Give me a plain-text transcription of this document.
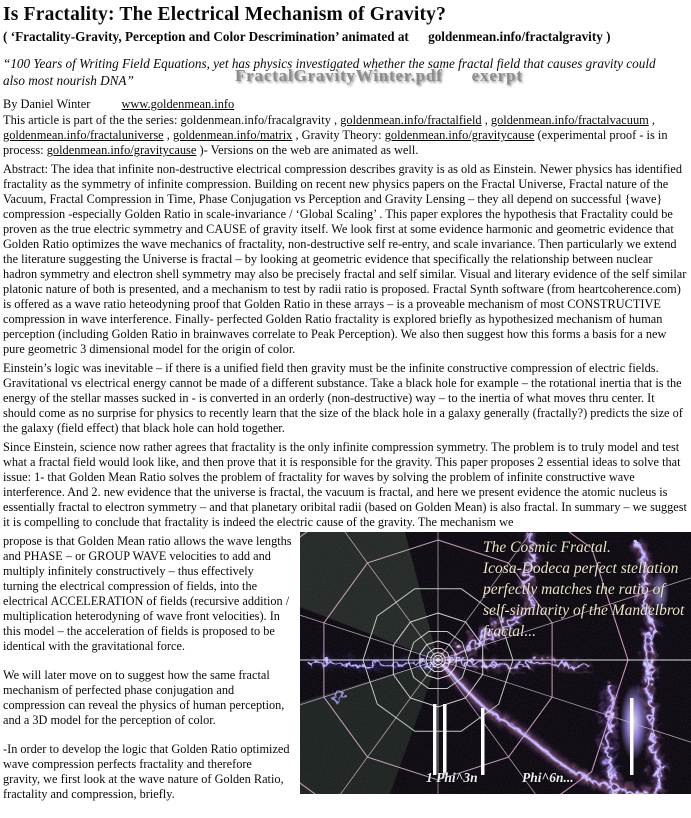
Is Fractality: The Electrical Mechanism of Gravity?
( ‘Fractality-Gravity, Perception and Color Descrimination’ animated at goldenmean.info/fractalgravity )
“100 Years of Writing Field Equations, yet has physics investigated whether the same fractal field that causes gravity could also most nourish DNA”	FractalGravityWinter.pdf exerpt
By Daniel Winter	www.goldenmean.info
This article is part of the the series: goldenmean.info/fracalgravity , goldenmean.info/fractalfield , goldenmean.info/fractalvacuum , goldenmean.info/fractaluniverse , goldenmean.info/matrix , Gravity Theory: goldenmean.info/gravitycause (experimental proof - is in process: goldenmean.info/gravitycause )- Versions on the web are animated as well.

Abstract: The idea that infinite non-destructive electrical compression describes gravity is as old as Einstein. Newer physics has identified fractality as the symmetry of infinite compression. Building on recent new physics papers on the Fractal Universe, Fractal nature of the Vacuum, Fractal Compression in Time, Phase Conjugation vs Perception and Gravity Lensing – they all depend on successful {wave} compression -especially Golden Ratio in scale-invariance / ‘Global Scaling’ . This paper explores the hypothesis that Fractality could be proven as the true electric symmetry and CAUSE of gravity itself. We look first at some evidence harmonic and geometric evidence that Golden Ratio optimizes the wave mechanics of fractality, non-destructive self re-entry, and scale invariance. Then particularly we extend the literature suggesting the Universe is fractal – by looking at geometric evidence that specifically the relationship between nuclear hadron symmetry and electron shell symmetry may also be precisely fractal and self similar. Visual and literary evidence of the self similar platonic nature of both is presented, and a mechanism to test by radii ratio is proposed. Fractal Synth software (from heartcoherence.com) is offered as a wave ratio heteodyning proof that Golden Ratio in these arrays – is a proveable mechanism of most CONSTRUCTIVE compression in wave interference. Finally- perfected Golden Ratio fractality is explored briefly as hypothesized mechanism of human perception (including Golden Ratio in brainwaves correlate to Peak Perception). We also then suggest how this forms a basis for a new pure geometric 3 dimensional model for the origin of color.

Einstein’s logic was inevitable – if there is a unified field then gravity must be the infinite constructive compression of electric fields. Gravitational vs electrical energy cannot be made of a different substance. Take a black hole for example – the rotational inertia that is the energy of the stellar masses sucked in - is converted in an orderly (non-destructive) way – to the inertia of what moves thru center. It should come as no surprise for physics to recently learn that the size of the black hole in a galaxy generally (fractally?) predicts the size of the galaxy (field effect) that black hole can hold together.

Since Einstein, science now rather agrees that fractality is the only infinite compression symmetry. The problem is to truly model and test what a fractal field would look like, and then prove that it is responsible for the gravity. This paper proposes 2 essential ideas to solve that issue: 1- that Golden Mean Ratio solves the problem of fractality for waves by solving the problem of infinite constructive wave interference. And 2. new evidence that the universe is fractal, the vacuum is fractal, and here we present evidence the atomic nucleus is essentially fractal to electron symmetry – and that planetary oribital radii (based on Golden Mean) is also fractal. In summary – we suggest it is compelling to conclude that fractality is indeed the electric cause of the gravity. The mechanism we

The Cosmic Fractal.
Icosa-Dodeca perfect stellation
perfectly matches the ratio of
self-similarity of the Mandelbrot
fractal...
1 Phi^3n	Phi^6n...

propose is that Golden Mean ratio allows the wave lengths and PHASE – or GROUP WAVE velocities to add and multiply infinitely constructively – thus effectively turning the electrical compression of fields, into the electrical ACCELERATION of fields (recursive addition / multiplication heterodyning of wave front velocities). In this model – the acceleration of fields is proposed to be identical with the gravitational force.

We will later move on to suggest how the same fractal mechanism of perfected phase conjugation and compression can reveal the physics of human perception, and a 3D model for the perception of color.

-In order to develop the logic that Golden Ratio optimized wave compression perfects fractality and therefore gravity, we first look at the wave nature of Golden Ratio, fractality and compression, briefly.
